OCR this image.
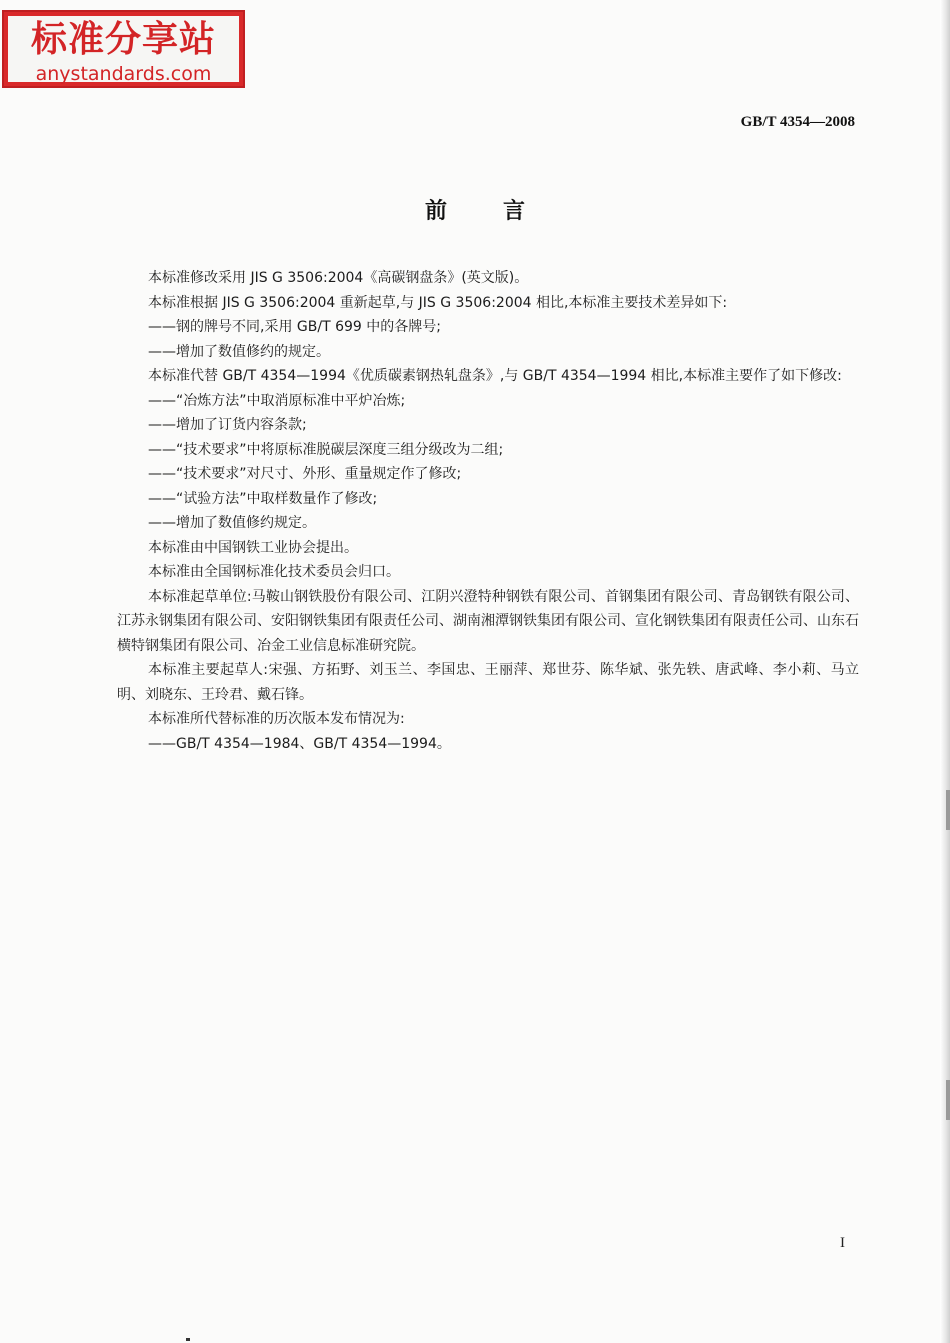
标准分享站
anystandards.com
GB/T 4354—2008
前言

本标准修改采用 JIS G 3506:2004《高碳钢盘条》(英文版)。

本标准根据 JIS G 3506:2004 重新起草,与 JIS G 3506:2004 相比,本标准主要技术差异如下:

——钢的牌号不同,采用 GB/T 699 中的各牌号;

——增加了数值修约的规定。

本标准代替 GB/T 4354—1994《优质碳素钢热轧盘条》,与 GB/T 4354—1994 相比,本标准主要作了如下修改:

——“冶炼方法”中取消原标准中平炉冶炼;

——增加了订货内容条款;

——“技术要求”中将原标准脱碳层深度三组分级改为二组;

——“技术要求”对尺寸、外形、重量规定作了修改;

——“试验方法”中取样数量作了修改;

——增加了数值修约规定。

本标准由中国钢铁工业协会提出。

本标准由全国钢标准化技术委员会归口。

本标准起草单位:马鞍山钢铁股份有限公司、江阴兴澄特种钢铁有限公司、首钢集团有限公司、青岛钢铁有限公司、江苏永钢集团有限公司、安阳钢铁集团有限责任公司、湖南湘潭钢铁集团有限公司、宣化钢铁集团有限责任公司、山东石横特钢集团有限公司、冶金工业信息标准研究院。

本标准主要起草人:宋强、方拓野、刘玉兰、李国忠、王丽萍、郑世芬、陈华斌、张先轶、唐武峰、李小莉、马立明、刘晓东、王玲君、戴石锋。

本标准所代替标准的历次版本发布情况为:

——GB/T 4354—1984、GB/T 4354—1994。

I
